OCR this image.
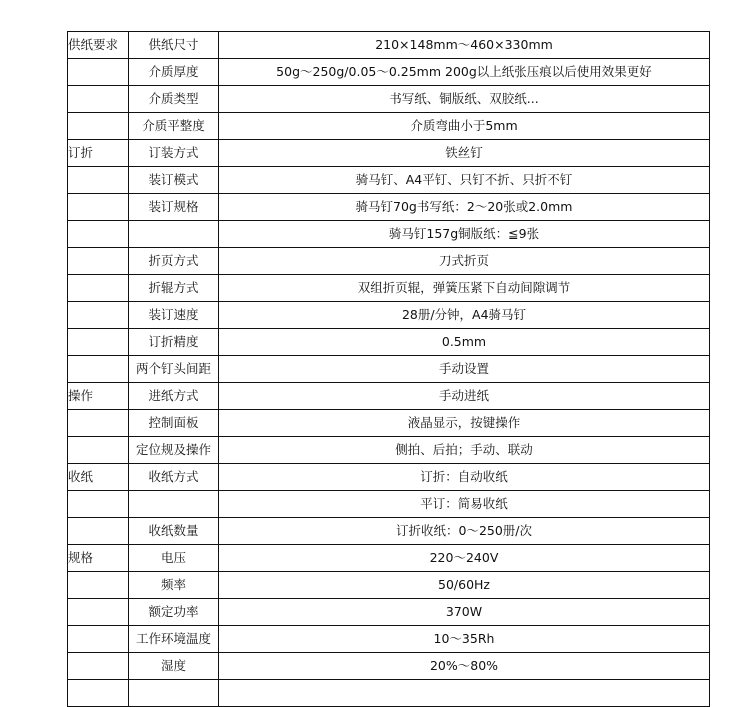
供纸要求	供纸尺寸	210×148mm～460×330mm
	介质厚度	50g～250g/0.05～0.25mm 200g以上纸张压痕以后使用效果更好
	介质类型	书写纸、铜版纸、双胶纸...
	介质平整度	介质弯曲小于5mm
订折	订装方式	铁丝钉
	装订模式	骑马钉、A4平钉、只钉不折、只折不钉
	装订规格	骑马钉70g书写纸：2～20张或2.0mm
		骑马钉157g铜版纸：≦9张
	折页方式	刀式折页
	折辊方式	双组折页辊，弹簧压紧下自动间隙调节
	装订速度	28册/分钟，A4骑马钉
	订折精度	0.5mm
	两个钉头间距	手动设置
操作	进纸方式	手动进纸
	控制面板	液晶显示，按键操作
	定位规及操作	侧拍、后拍；手动、联动
收纸	收纸方式	订折：自动收纸
		平订：简易收纸
	收纸数量	订折收纸：0～250册/次
规格	电压	220～240V
	频率	50/60Hz
	额定功率	370W
	工作环境温度	10～35Rh
	湿度	20%～80%
